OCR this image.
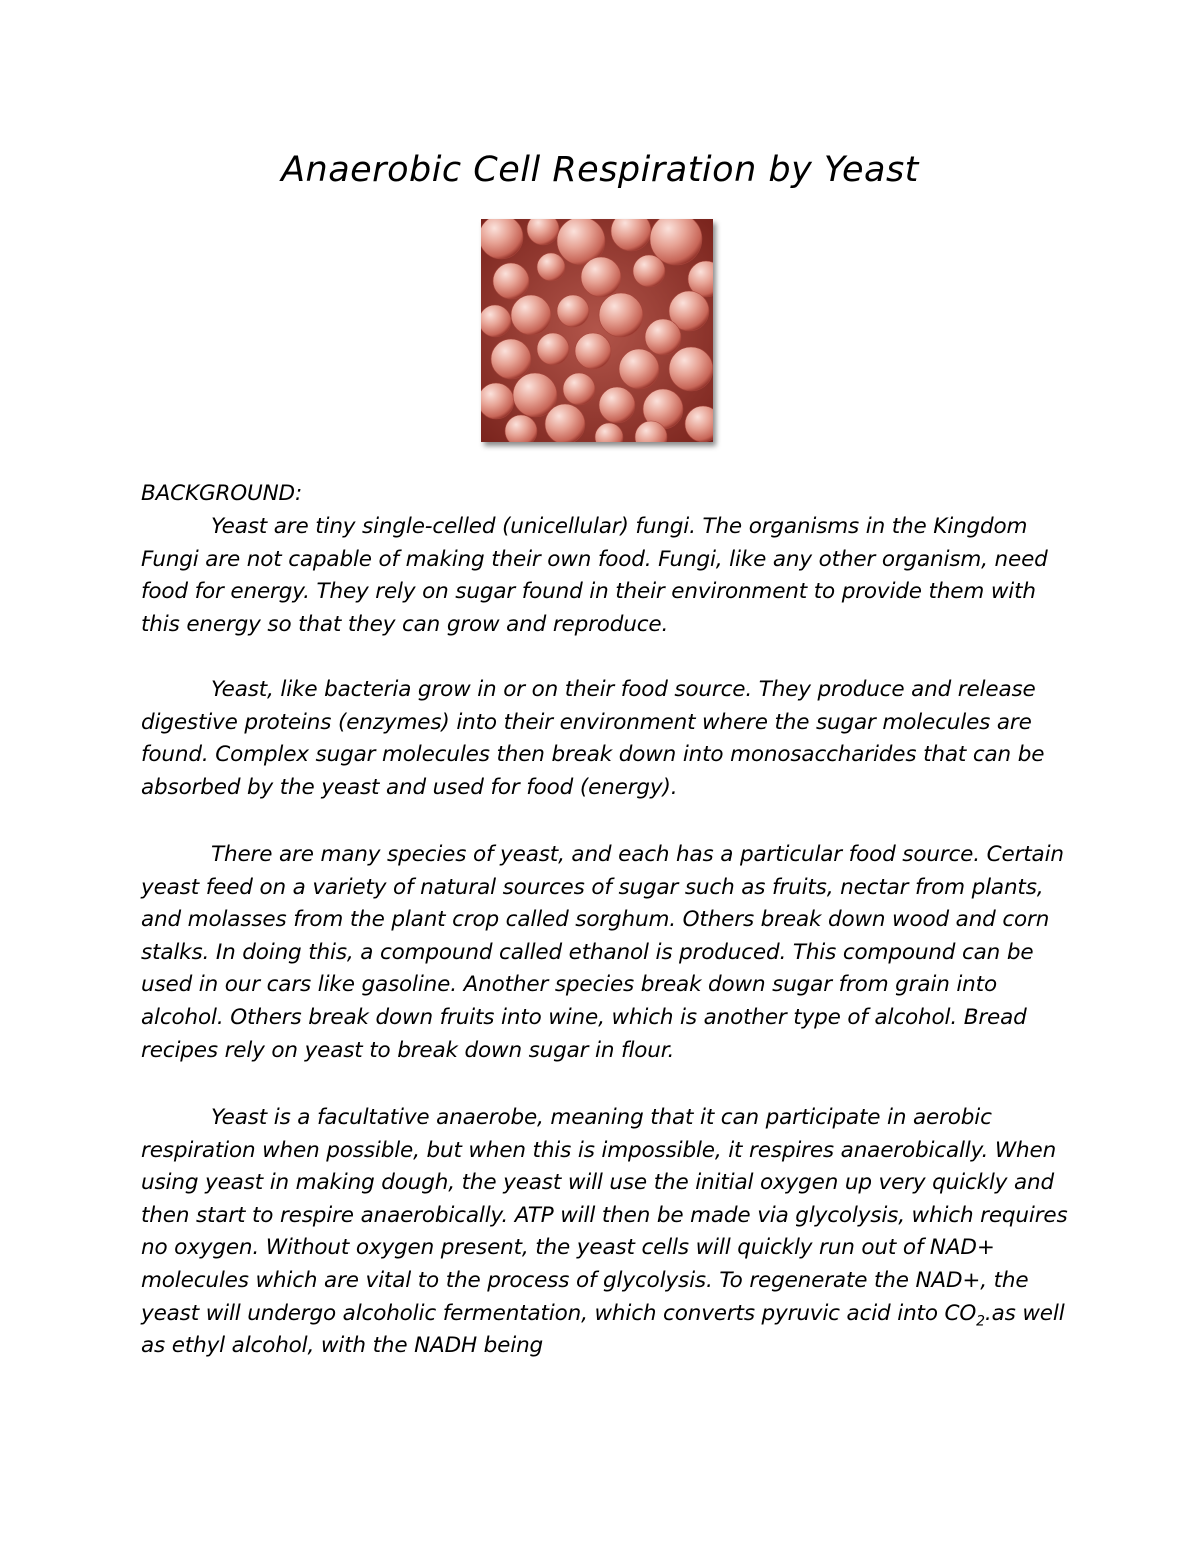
Anaerobic Cell Respiration by Yeast
BACKGROUND:

Yeast are tiny single-celled (unicellular) fungi. The organisms in the Kingdom Fungi are not capable of making their own food. Fungi, like any other organism, need food for energy. They rely on sugar found in their environment to provide them with this energy so that they can grow and reproduce.

Yeast, like bacteria grow in or on their food source. They produce and release digestive proteins (enzymes) into their environment where the sugar molecules are found. Complex sugar molecules then break down into monosaccharides that can be absorbed by the yeast and used for food (energy).

There are many species of yeast, and each has a particular food source. Certain yeast feed on a variety of natural sources of sugar such as fruits, nectar from plants, and molasses from the plant crop called sorghum. Others break down wood and corn stalks. In doing this, a compound called ethanol is produced. This compound can be used in our cars like gasoline. Another species break down sugar from grain into alcohol. Others break down fruits into wine, which is another type of alcohol. Bread recipes rely on yeast to break down sugar in flour.

Yeast is a facultative anaerobe, meaning that it can participate in aerobic respiration when possible, but when this is impossible, it respires anaerobically. When using yeast in making dough, the yeast will use the initial oxygen up very quickly and then start to respire anaerobically. ATP will then be made via glycolysis, which requires no oxygen. Without oxygen present, the yeast cells will quickly run out of NAD+ molecules which are vital to the process of glycolysis. To regenerate the NAD+, the yeast will undergo alcoholic fermentation, which converts pyruvic acid into $CO_2.as$ well as ethyl alcohol, with the NADH being
